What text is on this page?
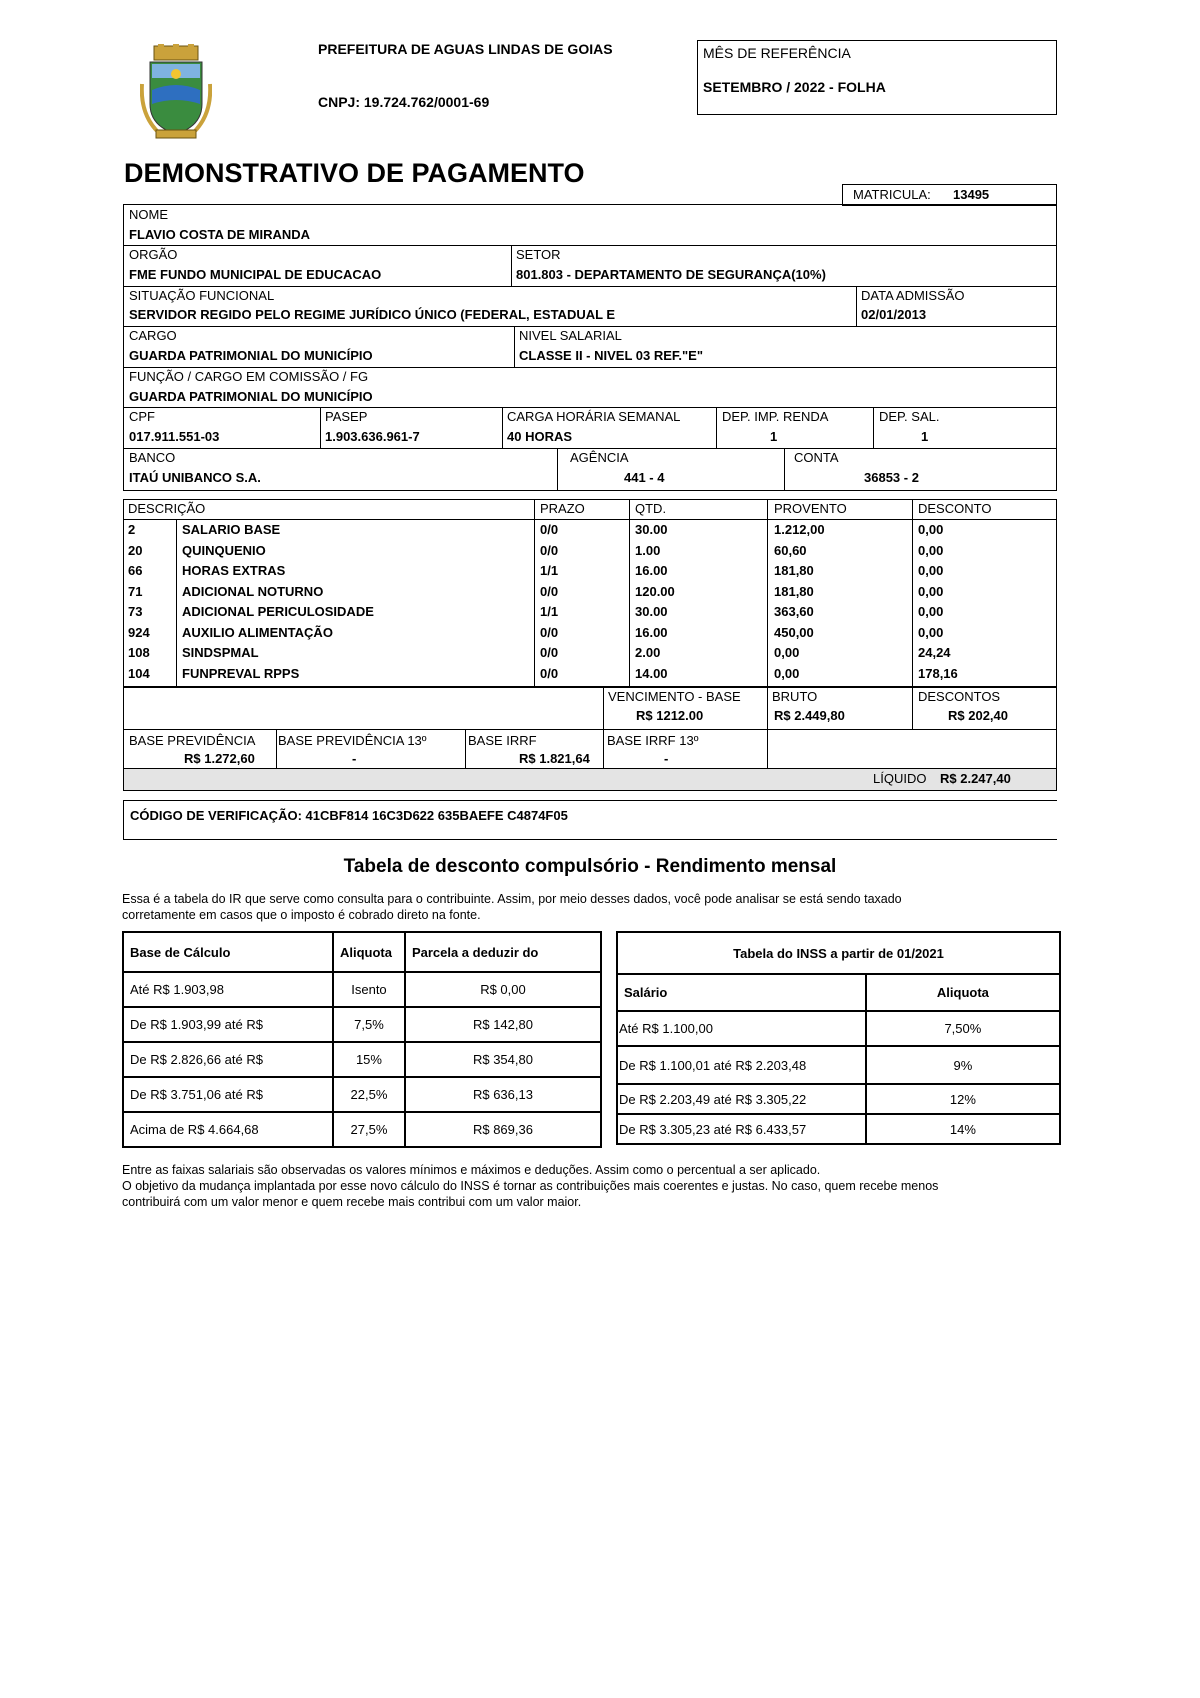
PREFEITURA DE AGUAS LINDAS DE GOIAS
CNPJ: 19.724.762/0001-69
MÊS DE REFERÊNCIA
SETEMBRO / 2022 - FOLHA
DEMONSTRATIVO DE PAGAMENTO
MATRICULA: 13495
NOME
FLAVIO COSTA DE MIRANDA
ORGÃO
FME FUNDO MUNICIPAL DE EDUCACAO
SETOR
801.803 - DEPARTAMENTO DE SEGURANÇA(10%)
SITUAÇÃO FUNCIONAL
SERVIDOR REGIDO PELO REGIME JURÍDICO ÚNICO (FEDERAL, ESTADUAL E
DATA ADMISSÃO
02/01/2013
CARGO
GUARDA PATRIMONIAL DO MUNICÍPIO
NIVEL SALARIAL
CLASSE II - NIVEL 03 REF."E"
FUNÇÃO / CARGO EM COMISSÃO / FG
GUARDA PATRIMONIAL DO MUNICÍPIO
CPF
017.911.551-03
PASEP
1.903.636.961-7
CARGA HORÁRIA SEMANAL
40 HORAS
DEP. IMP. RENDA
1
DEP. SAL.
1
BANCO
ITAÚ UNIBANCO S.A.
AGÊNCIA
441 - 4
CONTA
36853 - 2
DESCRIÇÃO	PRAZO	QTD.	PROVENTO	DESCONTO
2	SALARIO BASE	0/0	30.00	1.212,00	0,00
20	QUINQUENIO	0/0	1.00	60,60	0,00
66	HORAS EXTRAS	1/1	16.00	181,80	0,00
71	ADICIONAL NOTURNO	0/0	120.00	181,80	0,00
73	ADICIONAL PERICULOSIDADE	1/1	30.00	363,60	0,00
924 AUXILIO ALIMENTAÇÃO	0/0	16.00	450,00	0,00
108 SINDSPMAL	0/0	2.00	0,00	24,24
104 FUNPREVAL RPPS	0/0	14.00	0,00	178,16
VENCIMENTO - BASE
R$ 1212.00
BRUTO
R$ 2.449,80
DESCONTOS
R$ 202,40
BASE PREVIDÊNCIA
R$ 1.272,60
BASE PREVIDÊNCIA 13º
-
BASE IRRF
R$ 1.821,64
BASE IRRF 13º
-
LÍQUIDO R$ 2.247,40
CÓDIGO DE VERIFICAÇÃO: 41CBF814 16C3D622 635BAEFE C4874F05
Tabela de desconto compulsório - Rendimento mensal
Essa é a tabela do IR que serve como consulta para o contribuinte. Assim, por meio desses dados, você pode analisar se está sendo taxado
corretamente em casos que o imposto é cobrado direto na fonte.
Base de Cálculo	Aliquota	Parcela a deduzir do
Até R$ 1.903,98	Isento	R$ 0,00
De R$ 1.903,99 até R$	7,5%	R$ 142,80
De R$ 2.826,66 até R$	15%	R$ 354,80
De R$ 3.751,06 até R$	22,5%	R$ 636,13
Acima de R$ 4.664,68	27,5%	R$ 869,36
Tabela do INSS a partir de 01/2021	
Salário	Aliquota
Até R$ 1.100,00	7,50%
De R$ 1.100,01 até R$ 2.203,48	9%
De R$ 2.203,49 até R$ 3.305,22	12%
De R$ 3.305,23 até R$ 6.433,57	14%
Entre as faixas salariais são observadas os valores mínimos e máximos e deduções. Assim como o percentual a ser aplicado.
O objetivo da mudança implantada por esse novo cálculo do INSS é tornar as contribuições mais coerentes e justas. No caso, quem recebe menos
contribuirá com um valor menor e quem recebe mais contribui com um valor maior.
